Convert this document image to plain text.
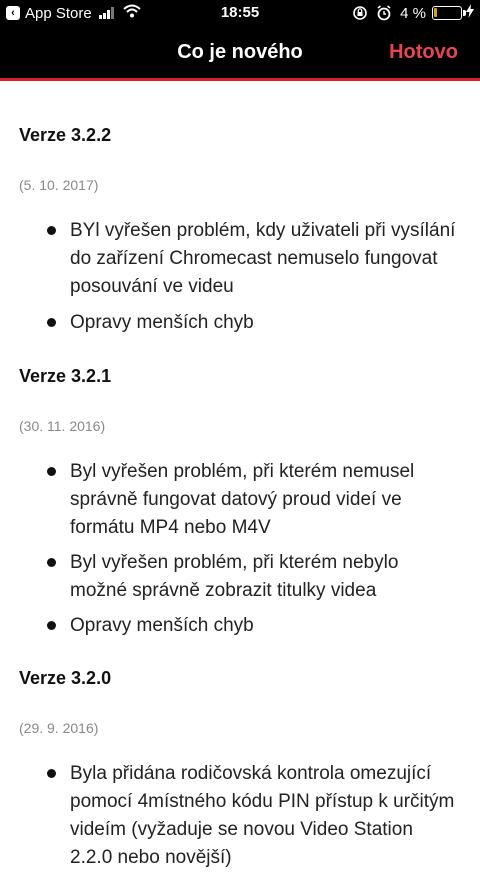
‹ App Store	18:55	4 %
Co je nového	Hotovo
Verze 3.2.2
(5. 10. 2017)
BYl vyřešen problém, kdy uživateli při vysílání do zařízení Chromecast nemuselo fungovat posouvání ve videu
Opravy menších chyb
Verze 3.2.1
(30. 11. 2016)
Byl vyřešen problém, při kterém nemusel správně fungovat datový proud videí ve formátu MP4 nebo M4V
Byl vyřešen problém, při kterém nebylo možné správně zobrazit titulky videa
Opravy menších chyb
Verze 3.2.0
(29. 9. 2016)
Byla přidána rodičovská kontrola omezující pomocí 4místného kódu PIN přístup k určitým videím (vyžaduje se novou Video Station 2.2.0 nebo novější)
